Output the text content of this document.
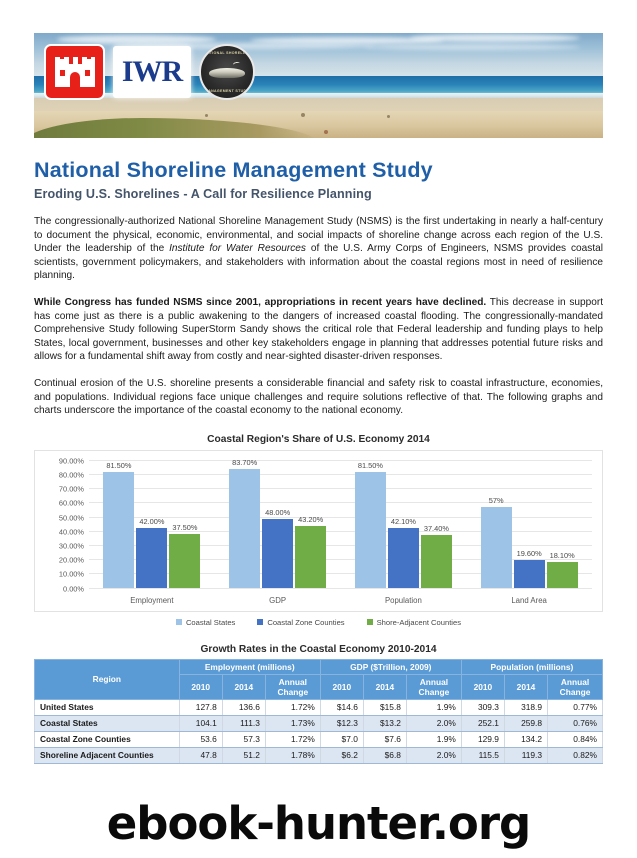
IWR
NATIONAL SHORELINE
MANAGEMENT STUDY
National Shoreline Management Study
Eroding U.S. Shorelines - A Call for Resilience Planning

The congressionally-authorized National Shoreline Management Study (NSMS) is the first undertaking in nearly a half-century to document the physical, economic, environmental, and social impacts of shoreline change across each region of the U.S. Under the leadership of the Institute for Water Resources of the U.S. Army Corps of Engineers, NSMS provides coastal scientists, government policymakers, and stakeholders with information about the coastal regions most in need of resilience planning.

While Congress has funded NSMS since 2001, appropriations in recent years have declined. This decrease in support has come just as there is a public awakening to the dangers of increased coastal flooding. The congressionally-mandated Comprehensive Study following SuperStorm Sandy shows the critical role that Federal leadership and funding plays to help States, local government, businesses and other key stakeholders engage in planning that addresses potential future risks and allows for a fundamental shift away from costly and near-sighted disaster-driven responses.

Continual erosion of the U.S. shoreline presents a considerable financial and safety risk to coastal infrastructure, economies, and populations. Individual regions face unique challenges and require solutions reflective of that. The following graphs and charts underscore the importance of the coastal economy to the national economy.

Coastal Region's Share of U.S. Economy 2014
90.00%
80.00%
70.00%
60.00%
50.00%
40.00%
30.00%
20.00%
10.00%
0.00%
81.50%
42.00%
37.50%
83.70%
48.00%
43.20%
81.50%
42.10%
37.40%
57%
19.60% 18.10%
Employment	GDP	Population	Land Area
Coastal States	Coastal Zone Counties	Shore-Adjacent Counties
Growth Rates in the Coastal Economy 2010-2014
Region	Employment (millions)			GDP ($Trillion, 2009)			Population (millions)		
	2010	2014	Annual Change	2010	2014	Annual Change	2010	2014	Annual Change
United States	127.8	136.6	1.72%	$14.6	$15.8	1.9%	309.3	318.9	0.77%
Coastal States	104.1	111.3	1.73%	$12.3	$13.2	2.0%	252.1	259.8	0.76%
Coastal Zone Counties	53.6	57.3	1.72%	$7.0	$7.6	1.9%	129.9	134.2	0.84%
Shoreline Adjacent Counties	47.8	51.2	1.78%	$6.2	$6.8	2.0%	115.5	119.3	0.82%
ebook-hunter.org
